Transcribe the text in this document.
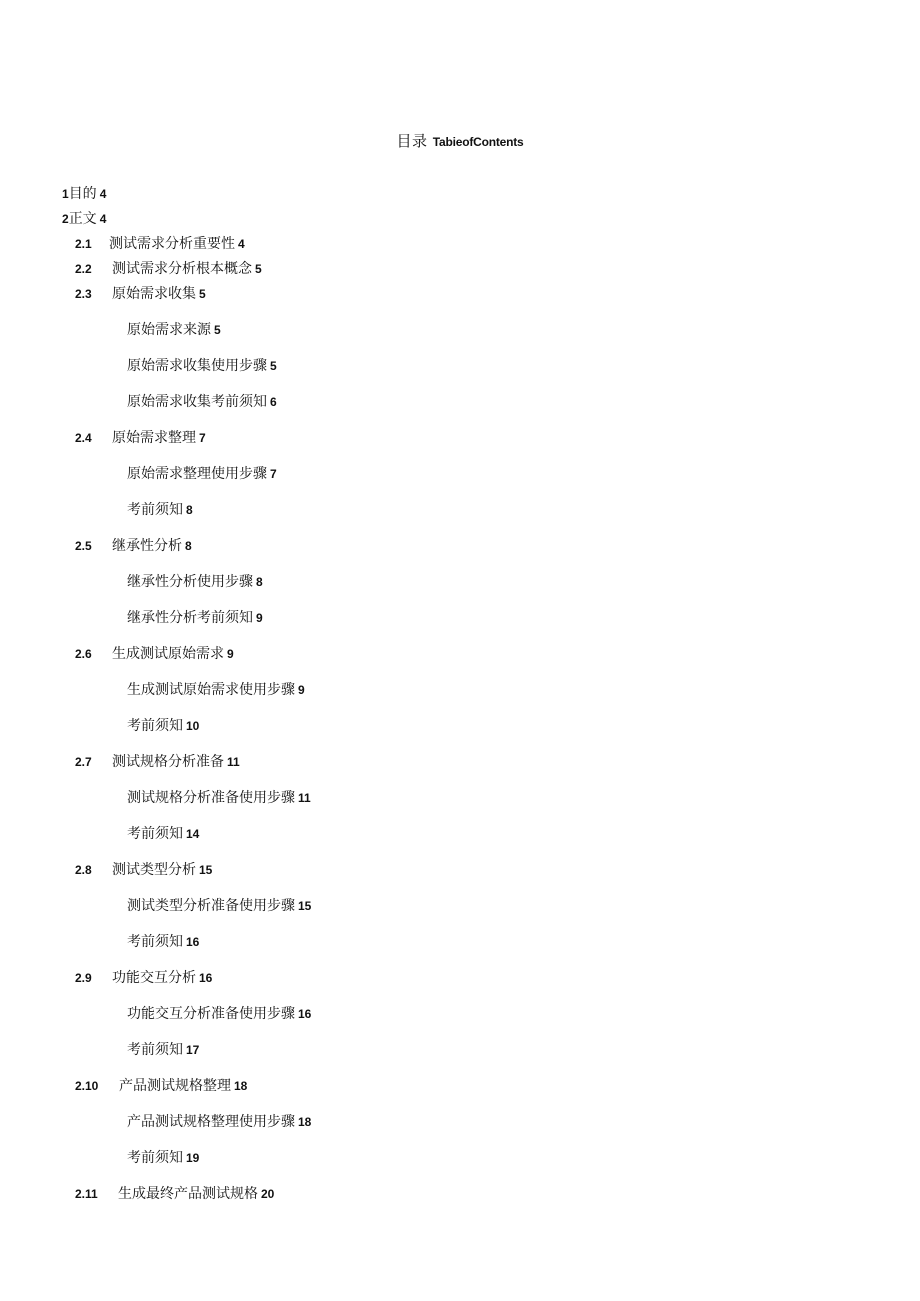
目录 TabieofContents
1目的 4
2正文 4
2.1 测试需求分析重要性 4
2.2 测试需求分析根本概念 5
2.3 原始需求收集 5
原始需求来源 5
原始需求收集使用步骤 5
原始需求收集考前须知 6
2.4 原始需求整理 7
原始需求整理使用步骤 7
考前须知 8
2.5 继承性分析 8
继承性分析使用步骤 8
继承性分析考前须知 9
2.6 生成测试原始需求 9
生成测试原始需求使用步骤 9
考前须知 10
2.7 测试规格分析准备 11
测试规格分析准备使用步骤 11
考前须知 14
2.8 测试类型分析 15
测试类型分析准备使用步骤 15
考前须知 16
2.9 功能交互分析 16
功能交互分析准备使用步骤 16
考前须知 17
2.10 产品测试规格整理 18
产品测试规格整理使用步骤 18
考前须知 19
2.11 生成最终产品测试规格 20
